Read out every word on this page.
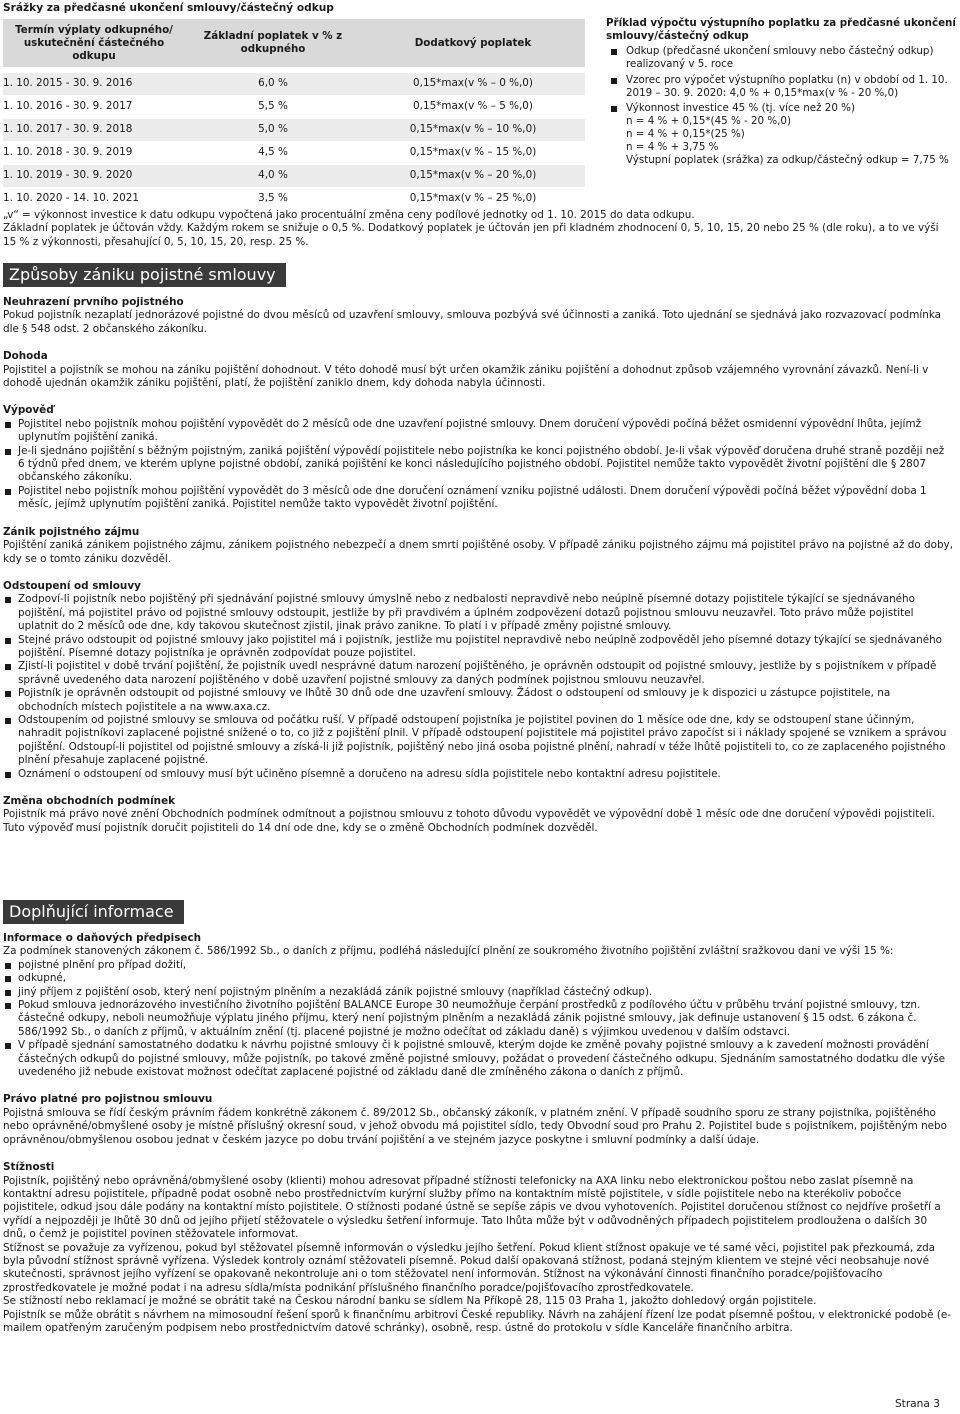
Srážky za předčasné ukončení smlouvy/částečný odkup
Termín výplaty odkupného/ uskutečnění částečného odkupu	Základní poplatek v % z odkupného	Dodatkový poplatek

1. 10. 2015 - 30. 9. 2016	6,0 %	0,15*max(v % – 0 %,0)
1. 10. 2016 - 30. 9. 2017	5,5 %	0,15*max(v % – 5 %,0)
1. 10. 2017 - 30. 9. 2018	5,0 %	0,15*max(v % – 10 %,0)
1. 10. 2018 - 30. 9. 2019	4,5 %	0,15*max(v % – 15 %,0)
1. 10. 2019 - 30. 9. 2020	4,0 %	0,15*max(v % – 20 %,0)
1. 10. 2020 - 14. 10. 2021	3,5 %	0,15*max(v % – 25 %,0)
Příklad výpočtu výstupního poplatku za předčasné ukončení smlouvy/částečný odkup
Odkup (předčasné ukončení smlouvy nebo částečný odkup) realizovaný v 5. roce
Vzorec pro výpočet výstupního poplatku (n) v období od 1. 10. 2019 – 30. 9. 2020: 4,0 % + 0,15*max(v % - 20 %,0)
Výkonnost investice 45 % (tj. více než 20 %)
n = 4 % + 0,15*(45 % - 20 %,0)
n = 4 % + 0,15*(25 %)
n = 4 % + 3,75 %
Výstupní poplatek (srážka) za odkup/částečný odkup = 7,75 %

„v“ = výkonnost investice k datu odkupu vypočtená jako procentuální změna ceny podílové jednotky od 1. 10. 2015 do data odkupu.

Základní poplatek je účtován vždy. Každým rokem se snižuje o 0,5 %. Dodatkový poplatek je účtován jen při kladném zhodnocení 0, 5, 10, 15, 20 nebo 25 % (dle roku), a to ve výši 15 % z výkonnosti, přesahující 0, 5, 10, 15, 20, resp. 25 %.

Způsoby zániku pojistné smlouvy

Neuhrazení prvního pojistného

Pokud pojistník nezaplatí jednorázové pojistné do dvou měsíců od uzavření smlouvy, smlouva pozbývá své účinnosti a zaniká. Toto ujednání se sjednává jako rozvazovací podmínka dle § 548 odst. 2 občanského zákoníku.

Dohoda

Pojistitel a pojistník se mohou na zániku pojištění dohodnout. V této dohodě musí být určen okamžik zániku pojištění a dohodnut způsob vzájemného vyrovnání závazků. Není-li v dohodě ujednán okamžik zániku pojištění, platí, že pojištění zaniklo dnem, kdy dohoda nabyla účinnosti.

Výpověď

Pojistitel nebo pojistník mohou pojištění vypovědět do 2 měsíců ode dne uzavření pojistné smlouvy. Dnem doručení výpovědi počíná běžet osmidenní výpovědní lhůta, jejímž uplynutím pojištění zaniká.
Je-li sjednáno pojištění s běžným pojistným, zaniká pojištění výpovědí pojistitele nebo pojistníka ke konci pojistného období. Je-li však výpověď doručena druhé straně později než 6 týdnů před dnem, ve kterém uplyne pojistné období, zaniká pojištění ke konci následujícího pojistného období. Pojistitel nemůže takto vypovědět životní pojištění dle § 2807 občanského zákoníku.
Pojistitel nebo pojistník mohou pojištění vypovědět do 3 měsíců ode dne doručení oznámení vzniku pojistné události. Dnem doručení výpovědi počíná běžet výpovědní doba 1 měsíc, jejímž uplynutím pojištění zaniká. Pojistitel nemůže takto vypovědět životní pojištění.

Zánik pojistného zájmu

Pojištění zaniká zánikem pojistného zájmu, zánikem pojistného nebezpečí a dnem smrti pojištěné osoby. V případě zániku pojistného zájmu má pojistitel právo na pojistné až do doby, kdy se o tomto zániku dozvěděl.

Odstoupení od smlouvy

Zodpoví-li pojistník nebo pojištěný při sjednávání pojistné smlouvy úmyslně nebo z nedbalosti nepravdivě nebo neúplně písemné dotazy pojistitele týkající se sjednávaného pojištění, má pojistitel právo od pojistné smlouvy odstoupit, jestliže by při pravdivém a úplném zodpovězení dotazů pojistnou smlouvu neuzavřel. Toto právo může pojistitel uplatnit do 2 měsíců ode dne, kdy takovou skutečnost zjistil, jinak právo zanikne. To platí i v případě změny pojistné smlouvy.
Stejné právo odstoupit od pojistné smlouvy jako pojistitel má i pojistník, jestliže mu pojistitel nepravdivě nebo neúplně zodpověděl jeho písemné dotazy týkající se sjednávaného pojištění. Písemné dotazy pojistníka je oprávněn zodpovídat pouze pojistitel.
Zjistí-li pojistitel v době trvání pojištění, že pojistník uvedl nesprávné datum narození pojištěného, je oprávněn odstoupit od pojistné smlouvy, jestliže by s pojistníkem v případě správně uvedeného data narození pojištěného v době uzavření pojistné smlouvy za daných podmínek pojistnou smlouvu neuzavřel.
Pojistník je oprávněn odstoupit od pojistné smlouvy ve lhůtě 30 dnů ode dne uzavření smlouvy. Žádost o odstoupení od smlouvy je k dispozici u zástupce pojistitele, na obchodních místech pojistitele a na www.axa.cz.
Odstoupením od pojistné smlouvy se smlouva od počátku ruší. V případě odstoupení pojistníka je pojistitel povinen do 1 měsíce ode dne, kdy se odstoupení stane účinným, nahradit pojistníkovi zaplacené pojistné snížené o to, co již z pojištění plnil. V případě odstoupení pojistitele má pojistitel právo započíst si i náklady spojené se vznikem a správou pojištění. Odstoupí-li pojistitel od pojistné smlouvy a získá-li již pojistník, pojištěný nebo jiná osoba pojistné plnění, nahradí v téže lhůtě pojistiteli to, co ze zaplaceného pojistného plnění přesahuje zaplacené pojistné.
Oznámení o odstoupení od smlouvy musí být učiněno písemně a doručeno na adresu sídla pojistitele nebo kontaktní adresu pojistitele.

Změna obchodních podmínek

Pojistník má právo nové znění Obchodních podmínek odmítnout a pojistnou smlouvu z tohoto důvodu vypovědět ve výpovědní době 1 měsíc ode dne doručení výpovědi pojistiteli. Tuto výpověď musí pojistník doručit pojistiteli do 14 dní ode dne, kdy se o změně Obchodních podmínek dozvěděl.

Doplňující informace

Informace o daňových předpisech

Za podmínek stanovených zákonem č. 586/1992 Sb., o daních z příjmu, podléhá následující plnění ze soukromého životního pojištění zvláštní sražkovou dani ve výši 15 %:

pojistné plnění pro případ dožití,
odkupné,
jiný příjem z pojištění osob, který není pojistným plněním a nezakládá zánik pojistné smlouvy (například částečný odkup).
Pokud smlouva jednorázového investičního životního pojištění BALANCE Europe 30 neumožňuje čerpání prostředků z podílového účtu v průběhu trvání pojistné smlouvy, tzn. částečné odkupy, neboli neumožňuje výplatu jiného příjmu, který není pojistným plněním a nezakládá zánik pojistné smlouvy, jak definuje ustanovení § 15 odst. 6 zákona č. 586/1992 Sb., o daních z příjmů, v aktuálním znění (tj. placené pojistné je možno odečítat od základu daně) s výjimkou uvedenou v dalším odstavci.
V případě sjednání samostatného dodatku k návrhu pojistné smlouvy či k pojistné smlouvě, kterým dojde ke změně povahy pojistné smlouvy a k zavedení možnosti provádění částečných odkupů do pojistné smlouvy, může pojistník, po takové změně pojistné smlouvy, požádat o provedení částečného odkupu. Sjednáním samostatného dodatku dle výše uvedeného již nebude existovat možnost odečítat zaplacené pojistné od základu daně dle zmíněného zákona o daních z příjmů.

Právo platné pro pojistnou smlouvu

Pojistná smlouva se řídí českým právním řádem konkrétně zákonem č. 89/2012 Sb., občanský zákoník, v platném znění. V případě soudního sporu ze strany pojistníka, pojištěného nebo oprávněné/obmyšlené osoby je místně příslušný okresní soud, v jehož obvodu má pojistitel sídlo, tedy Obvodní soud pro Prahu 2. Pojistitel bude s pojistníkem, pojištěným nebo oprávněnou/obmyšlenou osobou jednat v českém jazyce po dobu trvání pojištění a ve stejném jazyce poskytne i smluvní podmínky a další údaje.

Stížnosti

Pojistník, pojištěný nebo oprávněná/obmyšlené osoby (klienti) mohou adresovat případné stížnosti telefonicky na AXA linku nebo elektronickou poštou nebo zaslat písemně na kontaktní adresu pojistitele, případně podat osobně nebo prostřednictvím kurýrní služby přímo na kontaktním místě pojistitele, v sídle pojistitele nebo na kterékoliv pobočce pojistitele, odkud jsou dále podány na kontaktní místo pojistitele. O stížnosti podané ústně se sepíše zápis ve dvou vyhotoveních. Pojistitel doručenou stížnost co nejdříve prošetří a vyřídí a nejpozději je lhůtě 30 dnů od jejího přijetí stěžovatele o výsledku šetření informuje. Tato lhůta může být v odůvodněných případech pojistitelem prodloužena o dalších 30 dnů, o čemž je pojistitel povinen stěžovatele informovat.

Stížnost se považuje za vyřízenou, pokud byl stěžovatel písemně informován o výsledku jejího šetření. Pokud klient stížnost opakuje ve té samé věci, pojistitel pak přezkoumá, zda byla původní stížnost správně vyřízena. Výsledek kontroly oznámí stěžovateli písemně. Pokud další opakovaná stížnost, podaná stejným klientem ve stejné věci neobsahuje nové skutečnosti, správnost jejího vyřízení se opakovaně nekontroluje ani o tom stěžovatel není informován. Stížnost na výkonávání činnosti finančního poradce/pojišťovacího zprostředkovatele je možné podat i na adresu sídla/místa podnikání příslušného finančního poradce/pojišťovacího zprostředkovatele.

Se stížností nebo reklamací je možné se obrátit také na Českou národní banku se sídlem Na Příkopě 28, 115 03 Praha 1, jakožto dohledový orgán pojistitele.

Pojistník se může obrátit s návrhem na mimosoudní řešení sporů k finančnímu arbitrovi České republiky. Návrh na zahájení řízení lze podat písemně poštou, v elektronické podobě (e-mailem opatřeným zaručeným podpisem nebo prostřednictvím datové schránky), osobně, resp. ústně do protokolu v sídle Kanceláře finančního arbitra.

Strana 3
